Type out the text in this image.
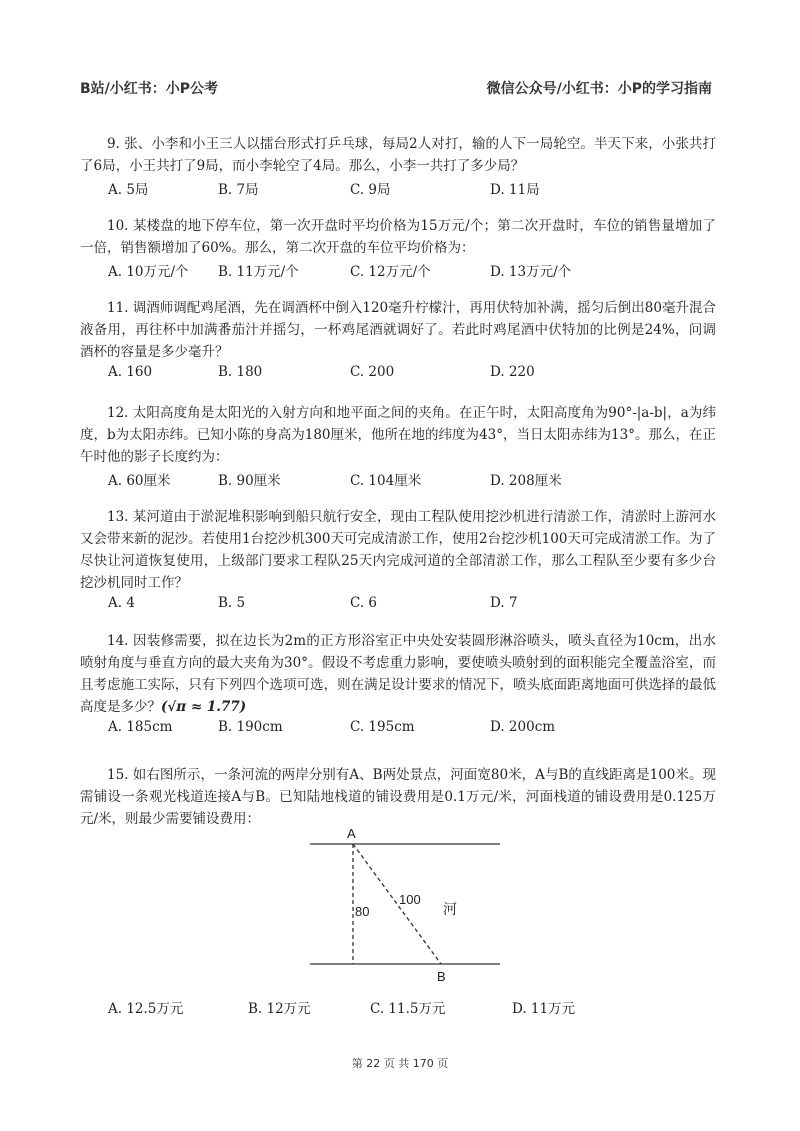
B站/小红书：小P公考	微信公众号/小红书：小P的学习指南

9. 张、小李和小王三人以擂台形式打乒乓球，每局2人对打，输的人下一局轮空。半天下来，小张共打了6局，小王共打了9局，而小李轮空了4局。那么，小李一共打了多少局？

A. 5局	B. 7局	C. 9局	D. 11局

10. 某楼盘的地下停车位，第一次开盘时平均价格为15万元/个；第二次开盘时，车位的销售量增加了一倍，销售额增加了60%。那么，第二次开盘的车位平均价格为：

A. 10万元/个 B. 11万元/个	C. 12万元/个	D. 13万元/个

11. 调酒师调配鸡尾酒，先在调酒杯中倒入120毫升柠檬汁，再用伏特加补满，摇匀后倒出80毫升混合液备用，再往杯中加满番茄汁并摇匀，一杯鸡尾酒就调好了。若此时鸡尾酒中伏特加的比例是24%，问调酒杯的容量是多少毫升？

A. 160	B. 180	C. 200	D. 220

12. 太阳高度角是太阳光的入射方向和地平面之间的夹角。在正午时，太阳高度角为90°-|a-b|，a为纬度，b为太阳赤纬。已知小陈的身高为180厘米，他所在地的纬度为43°，当日太阳赤纬为13°。那么，在正午时他的影子长度约为：

A. 60厘米	B. 90厘米	C. 104厘米	D. 208厘米

13. 某河道由于淤泥堆积影响到船只航行安全，现由工程队使用挖沙机进行清淤工作，清淤时上游河水又会带来新的泥沙。若使用1台挖沙机300天可完成清淤工作，使用2台挖沙机100天可完成清淤工作。为了尽快让河道恢复使用，上级部门要求工程队25天内完成河道的全部清淤工作，那么工程队至少要有多少台挖沙机同时工作？

A. 4	B. 5	C. 6	D. 7

14. 因装修需要，拟在边长为2m的正方形浴室正中央处安装圆形淋浴喷头，喷头直径为10cm，出水喷射角度与垂直方向的最大夹角为30°。假设不考虑重力影响，要使喷头喷射到的面积能完全覆盖浴室，而且考虑施工实际，只有下列四个选项可选，则在满足设计要求的情况下，喷头底面距离地面可供选择的最低高度是多少？(√π ≈ 1.77)

A. 185cm	B. 190cm	C. 195cm	D. 200cm

15. 如右图所示，一条河流的两岸分别有A、B两处景点，河面宽80米，A与B的直线距离是100米。现需铺设一条观光栈道连接A与B。已知陆地栈道的铺设费用是0.1万元/米，河面栈道的铺设费用是0.125万元/米，则最少需要铺设费用：

A
B
80
100
河
A. 12.5万元	B. 12万元	C. 11.5万元	D. 11万元
第 22 页 共 170 页
